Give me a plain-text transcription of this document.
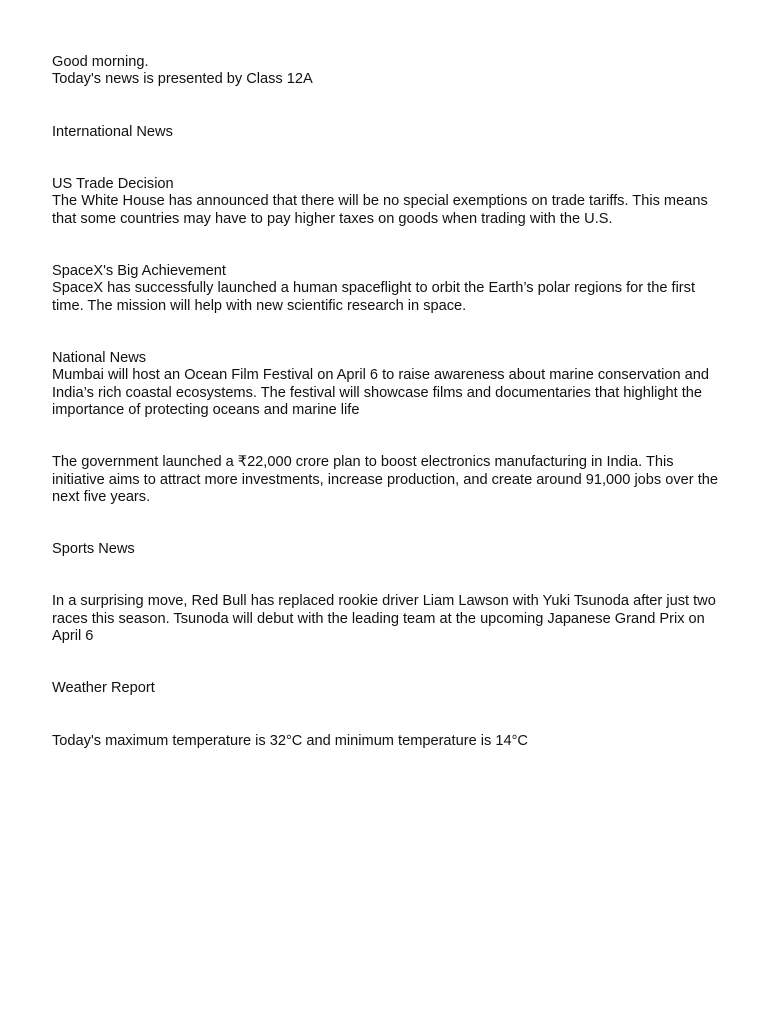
Good morning.

Today's news is presented by Class 12A

International News

US Trade Decision

The White House has announced that there will be no special exemptions on trade tariffs. This means that some countries may have to pay higher taxes on goods when trading with the U.S.

SpaceX's Big Achievement

SpaceX has successfully launched a human spaceflight to orbit the Earth’s polar regions for the first time. The mission will help with new scientific research in space.

National News

Mumbai will host an Ocean Film Festival on April 6 to raise awareness about marine conservation and India’s rich coastal ecosystems. The festival will showcase films and documentaries that highlight the importance of protecting oceans and marine life

The government launched a ₹22,000 crore plan to boost electronics manufacturing in India. This initiative aims to attract more investments, increase production, and create around 91,000 jobs over the next five years.

Sports News

In a surprising move, Red Bull has replaced rookie driver Liam Lawson with Yuki Tsunoda after just two races this season. Tsunoda will debut with the leading team at the upcoming Japanese Grand Prix on April 6

Weather Report

Today's maximum temperature is 32°C and minimum temperature is 14°C
